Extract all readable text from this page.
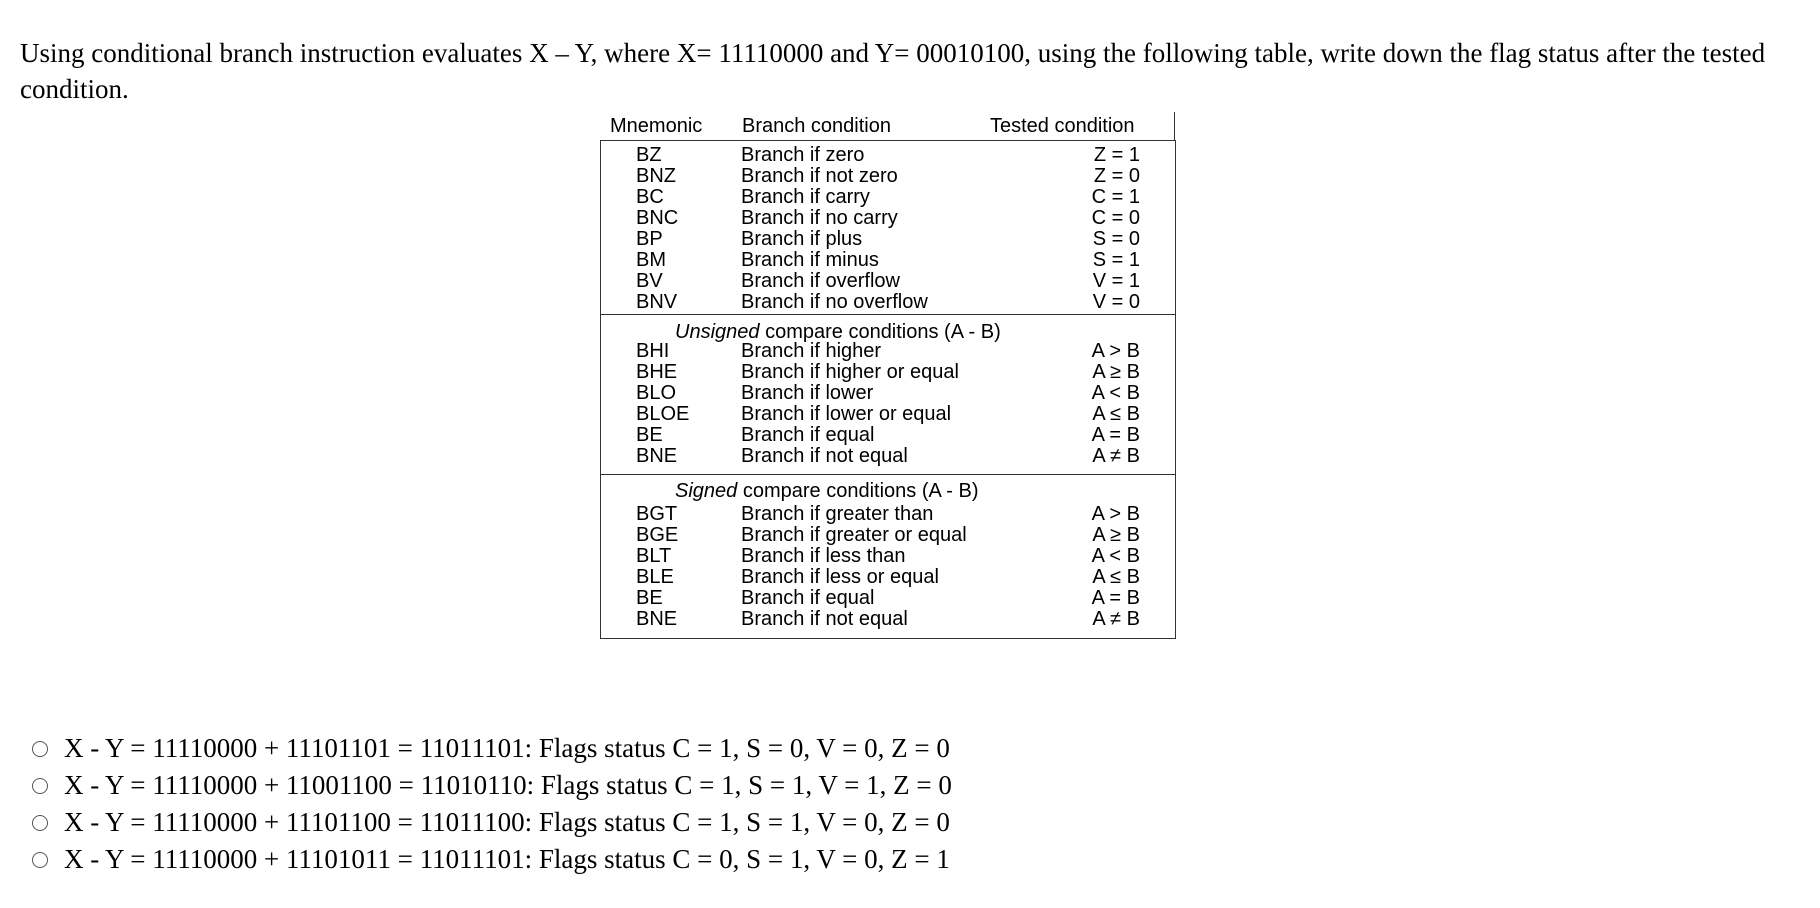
Using conditional branch instruction evaluates X – Y, where X= 11110000 and Y= 00010100, using the following table, write down the flag status after the tested condition.
Mnemonic Branch condition	Tested condition
BZ	Branch if zero	Z = 1
BNZ	Branch if not zero	Z = 0
BC	Branch if carry	C = 1
BNC	Branch if no carry	C = 0
BP	Branch if plus	S = 0
BM	Branch if minus	S = 1
BV	Branch if overflow	V = 1
BNV	Branch if no overflow	V = 0
Unsigned compare conditions (A - B)
BHI	Branch if higher	A > B
BHE	Branch if higher or equal	A ≥ B
BLO	Branch if lower	A < B
BLOE	Branch if lower or equal	A ≤ B
BE	Branch if equal	A = B
BNE	Branch if not equal	A ≠ B
Signed compare conditions (A - B)
BGT	Branch if greater than	A > B
BGE	Branch if greater or equal	A ≥ B
BLT	Branch if less than	A < B
BLE	Branch if less or equal	A ≤ B
BE	Branch if equal	A = B
BNE	Branch if not equal	A ≠ B
X - Y = 11110000 + 11101101 = 11011101: Flags status C = 1, S = 0, V = 0, Z = 0
X - Y = 11110000 + 11001100 = 11010110: Flags status C = 1, S = 1, V = 1, Z = 0
X - Y = 11110000 + 11101100 = 11011100: Flags status C = 1, S = 1, V = 0, Z = 0
X - Y = 11110000 + 11101011 = 11011101: Flags status C = 0, S = 1, V = 0, Z = 1
